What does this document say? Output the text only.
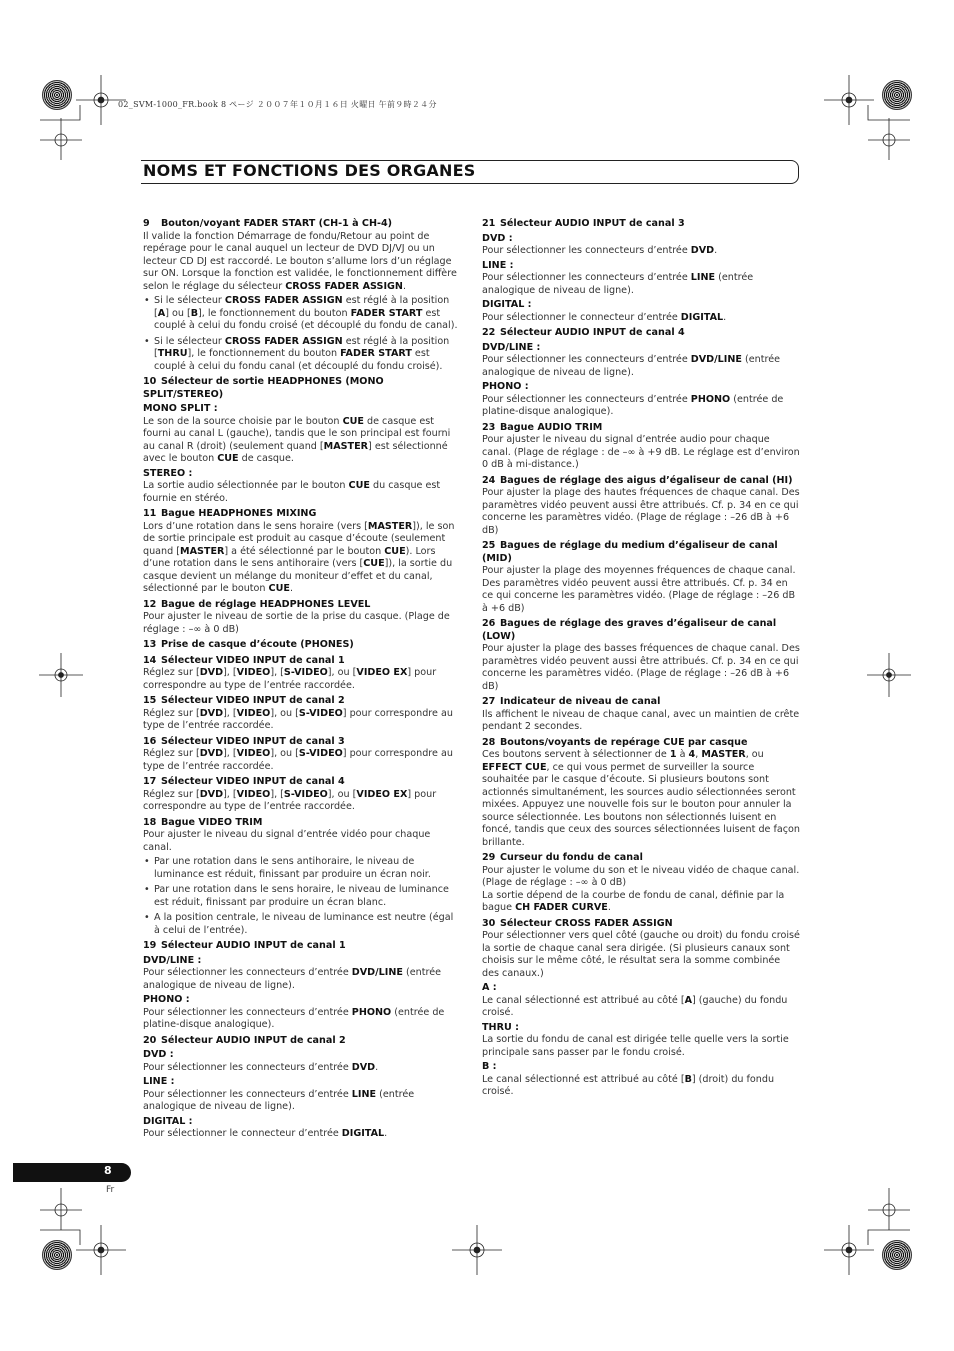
02_SVM-1000_FR.book 8 ページ ２００７年１０月１６日 火曜日 午前９時２４分
NOMS ET FONCTIONS DES ORGANES
9 Bouton/voyant FADER START (CH-1 à CH-4)

Il valide la fonction Démarrage de fondu/Retour au point de repérage pour le canal auquel un lecteur de DVD DJ/VJ ou un lecteur CD DJ est raccordé. Le bouton s’allume lors d’un réglage sur ON. Lorsque la fonction est validée, le fonctionnement diffère selon le réglage du sélecteur CROSS FADER ASSIGN.

• Si le sélecteur CROSS FADER ASSIGN est réglé à la position [A] ou [B], le fonctionnement du bouton FADER START est couplé à celui du fondu croisé (et découplé du fondu de canal).
• Si le sélecteur CROSS FADER ASSIGN est réglé à la position [THRU], le fonctionnement du bouton FADER START est couplé à celui du fondu canal (et découplé du fondu croisé).
10 Sélecteur de sortie HEADPHONES (MONO SPLIT/STEREO)
MONO SPLIT :

Le son de la source choisie par le bouton CUE de casque est fourni au canal L (gauche), tandis que le son principal est fourni au canal R (droit) (seulement quand [MASTER] est sélectionné avec le bouton CUE de casque.

STEREO :

La sortie audio sélectionnée par le bouton CUE du casque est fournie en stéréo.

11 Bague HEADPHONES MIXING

Lors d’une rotation dans le sens horaire (vers [MASTER]), le son de sortie principale est produit au casque d’écoute (seulement quand [MASTER] a été sélectionné par le bouton CUE). Lors d’une rotation dans le sens antihoraire (vers [CUE]), la sortie du casque devient un mélange du moniteur d’effet et du canal, sélectionné par le bouton CUE.

12 Bague de réglage HEADPHONES LEVEL

Pour ajuster le niveau de sortie de la prise du casque. (Plage de réglage : –∞ à 0 dB)

13 Prise de casque d’écoute (PHONES)
14 Sélecteur VIDEO INPUT de canal 1

Réglez sur [DVD], [VIDEO], [S-VIDEO], ou [VIDEO EX] pour correspondre au type de l’entrée raccordée.

15 Sélecteur VIDEO INPUT de canal 2

Réglez sur [DVD], [VIDEO], ou [S-VIDEO] pour correspondre au type de l’entrée raccordée.

16 Sélecteur VIDEO INPUT de canal 3

Réglez sur [DVD], [VIDEO], ou [S-VIDEO] pour correspondre au type de l’entrée raccordée.

17 Sélecteur VIDEO INPUT de canal 4

Réglez sur [DVD], [VIDEO], [S-VIDEO], ou [VIDEO EX] pour correspondre au type de l’entrée raccordée.

18 Bague VIDEO TRIM

Pour ajuster le niveau du signal d’entrée vidéo pour chaque canal.

• Par une rotation dans le sens antihoraire, le niveau de luminance est réduit, finissant par produire un écran noir.
• Par une rotation dans le sens horaire, le niveau de luminance est réduit, finissant par produire un écran blanc.
• A la position centrale, le niveau de luminance est neutre (égal à celui de l’entrée).
19 Sélecteur AUDIO INPUT de canal 1
DVD/LINE :

Pour sélectionner les connecteurs d’entrée DVD/LINE (entrée analogique de niveau de ligne).

PHONO :

Pour sélectionner les connecteurs d’entrée PHONO (entrée de platine-disque analogique).

20 Sélecteur AUDIO INPUT de canal 2
DVD :

Pour sélectionner les connecteurs d’entrée DVD.

LINE :

Pour sélectionner les connecteurs d’entrée LINE (entrée analogique de niveau de ligne).

DIGITAL :

Pour sélectionner le connecteur d’entrée DIGITAL.

21 Sélecteur AUDIO INPUT de canal 3
DVD :

Pour sélectionner les connecteurs d’entrée DVD.

LINE :

Pour sélectionner les connecteurs d’entrée LINE (entrée analogique de niveau de ligne).

DIGITAL :

Pour sélectionner le connecteur d’entrée DIGITAL.

22 Sélecteur AUDIO INPUT de canal 4
DVD/LINE :

Pour sélectionner les connecteurs d’entrée DVD/LINE (entrée analogique de niveau de ligne).

PHONO :

Pour sélectionner les connecteurs d’entrée PHONO (entrée de platine-disque analogique).

23 Bague AUDIO TRIM

Pour ajuster le niveau du signal d’entrée audio pour chaque canal. (Plage de réglage : de –∞ à +9 dB. Le réglage est d’environ 0 dB à mi-distance.)

24 Bagues de réglage des aigus d’égaliseur de canal (HI)

Pour ajuster la plage des hautes fréquences de chaque canal. Des paramètres vidéo peuvent aussi être attribués. Cf. p. 34 en ce qui concerne les paramètres vidéo. (Plage de réglage : –26 dB à +6 dB)

25 Bagues de réglage du medium d’égaliseur de canal (MID)

Pour ajuster la plage des moyennes fréquences de chaque canal. Des paramètres vidéo peuvent aussi être attribués. Cf. p. 34 en ce qui concerne les paramètres vidéo. (Plage de réglage : –26 dB à +6 dB)

26 Bagues de réglage des graves d’égaliseur de canal (LOW)

Pour ajuster la plage des basses fréquences de chaque canal. Des paramètres vidéo peuvent aussi être attribués. Cf. p. 34 en ce qui concerne les paramètres vidéo. (Plage de réglage : –26 dB à +6 dB)

27 Indicateur de niveau de canal

Ils affichent le niveau de chaque canal, avec un maintien de crête pendant 2 secondes.

28 Boutons/voyants de repérage CUE par casque

Ces boutons servent à sélectionner de 1 à 4, MASTER, ou EFFECT CUE, ce qui vous permet de surveiller la source souhaitée par le casque d’écoute. Si plusieurs boutons sont actionnés simultanément, les sources audio sélectionnées seront mixées. Appuyez une nouvelle fois sur le bouton pour annuler la source sélectionnée. Les boutons non sélectionnés luisent en foncé, tandis que ceux des sources sélectionnées luisent de façon brillante.

29 Curseur du fondu de canal

Pour ajuster le volume du son et le niveau vidéo de chaque canal. (Plage de réglage : –∞ à 0 dB)

La sortie dépend de la courbe de fondu de canal, définie par la bague CH FADER CURVE.

30 Sélecteur CROSS FADER ASSIGN

Pour sélectionner vers quel côté (gauche ou droit) du fondu croisé la sortie de chaque canal sera dirigée. (Si plusieurs canaux sont choisis sur le même côté, le résultat sera la somme combinée des canaux.)

A :

Le canal sélectionné est attribué au côté [A] (gauche) du fondu croisé.

THRU :

La sortie du fondu de canal est dirigée telle quelle vers la sortie principale sans passer par le fondu croisé.

B :

Le canal sélectionné est attribué au côté [B] (droit) du fondu croisé.

8
Fr
